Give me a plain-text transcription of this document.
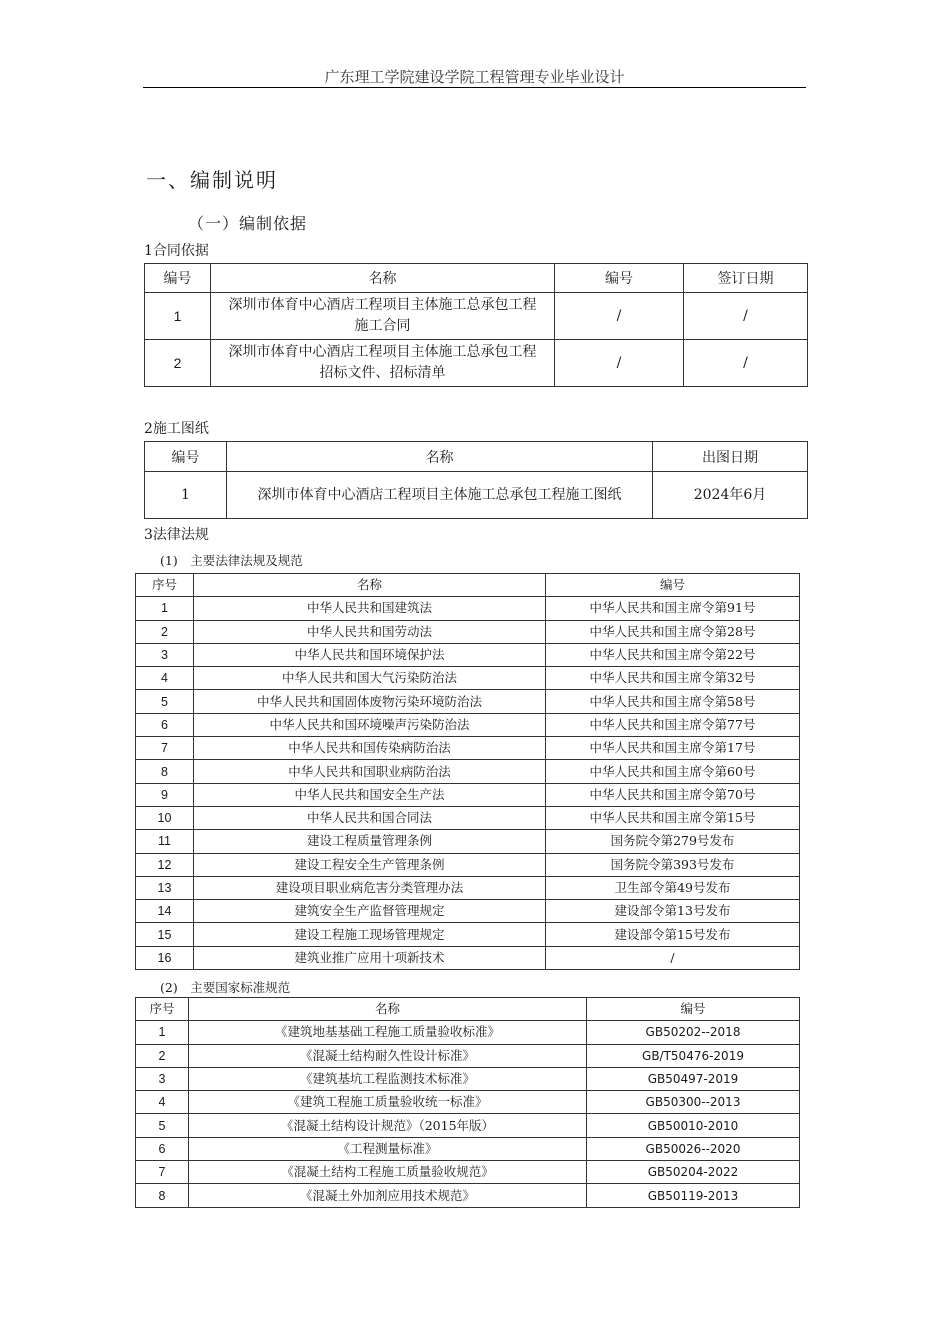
广东理工学院建设学院工程管理专业毕业设计
一、编制说明
（一）编制依据
1合同依据
编号	名称	编号	签订日期
1	深圳市体育中心酒店工程项目主体施工总承包工程施工合同	/	/
2	深圳市体育中心酒店工程项目主体施工总承包工程招标文件、招标清单	/	/
2施工图纸
编号	名称	出图日期
1	深圳市体育中心酒店工程项目主体施工总承包工程施工图纸	2024年6月
3法律法规
(1)　主要法律法规及规范
序号	名称	编号
1	中华人民共和国建筑法	中华人民共和国主席令第91号
2	中华人民共和国劳动法	中华人民共和国主席令第28号
3	中华人民共和国环境保护法	中华人民共和国主席令第22号
4	中华人民共和国大气污染防治法	中华人民共和国主席令第32号
5	中华人民共和国固体废物污染环境防治法	中华人民共和国主席令第58号
6	中华人民共和国环境噪声污染防治法	中华人民共和国主席令第77号
7	中华人民共和国传染病防治法	中华人民共和国主席令第17号
8	中华人民共和国职业病防治法	中华人民共和国主席令第60号
9	中华人民共和国安全生产法	中华人民共和国主席令第70号
10	中华人民共和国合同法	中华人民共和国主席令第15号
11	建设工程质量管理条例	国务院令第279号发布
12	建设工程安全生产管理条例	国务院令第393号发布
13	建设项目职业病危害分类管理办法	卫生部令第49号发布
14	建筑安全生产监督管理规定	建设部令第13号发布
15	建设工程施工现场管理规定	建设部令第15号发布
16	建筑业推广应用十项新技术	/
(2)　主要国家标准规范
序号	名称	编号
1	《建筑地基基础工程施工质量验收标准》	GB50202--2018
2	《混凝土结构耐久性设计标准》	GB/T50476-2019
3	《建筑基坑工程监测技术标准》	GB50497-2019
4	《建筑工程施工质量验收统一标准》	GB50300--2013
5	《混凝土结构设计规范》（2015年版）	GB50010-2010
6	《工程测量标准》	GB50026--2020
7	《混凝土结构工程施工质量验收规范》	GB50204-2022
8	《混凝土外加剂应用技术规范》	GB50119-2013
